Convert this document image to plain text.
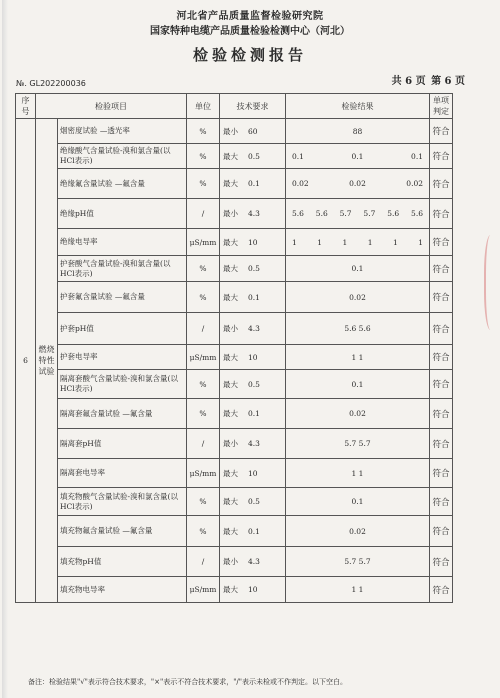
河北省产品质量监督检验研究院
国家特种电缆产品质量检验检测中心（河北）
检验检测报告
№. GL202200036	共 6 页 第 6 页
序号	检验项目		单位	技术要求	检验结果	单项判定
6	燃烧特性试验	烟密度试验 —透光率	%	最小 60	88	符合
		绝缘酸气含量试验-溴和氯含量(以HCl表示)	%	最大 0.5	0.1 0.1 0.1	符合
		绝缘氟含量试验 —氟含量	%	最大 0.1	0.02 0.02 0.02	符合
		绝缘pH值	/	最小 4.3	5.6 5.6 5.7 5.7 5.6 5.6	符合
		绝缘电导率	μS/mm	最大 10	1 1 1 1 1 1	符合
		护套酸气含量试验-溴和氯含量(以HCl表示)	%	最大 0.5	0.1	符合
		护套氟含量试验 —氟含量	%	最大 0.1	0.02	符合
		护套pH值	/	最小 4.3	5.6 5.6	符合
		护套电导率	μS/mm	最大 10	1 1	符合
		隔离套酸气含量试验-溴和氯含量(以HCl表示)	%	最大 0.5	0.1	符合
		隔离套氟含量试验 —氟含量	%	最大 0.1	0.02	符合
		隔离套pH值	/	最小 4.3	5.7 5.7	符合
		隔离套电导率	μS/mm	最大 10	1 1	符合
		填充物酸气含量试验-溴和氯含量(以HCl表示)	%	最大 0.5	0.1	符合
		填充物氟含量试验 —氟含量	%	最大 0.1	0.02	符合
		填充物pH值	/	最小 4.3	5.7 5.7	符合
		填充物电导率	μS/mm	最大 10	1 1	符合
备注：检验结果"√"表示符合技术要求，"×"表示不符合技术要求，"/"表示未检或不作判定。以下空白。
